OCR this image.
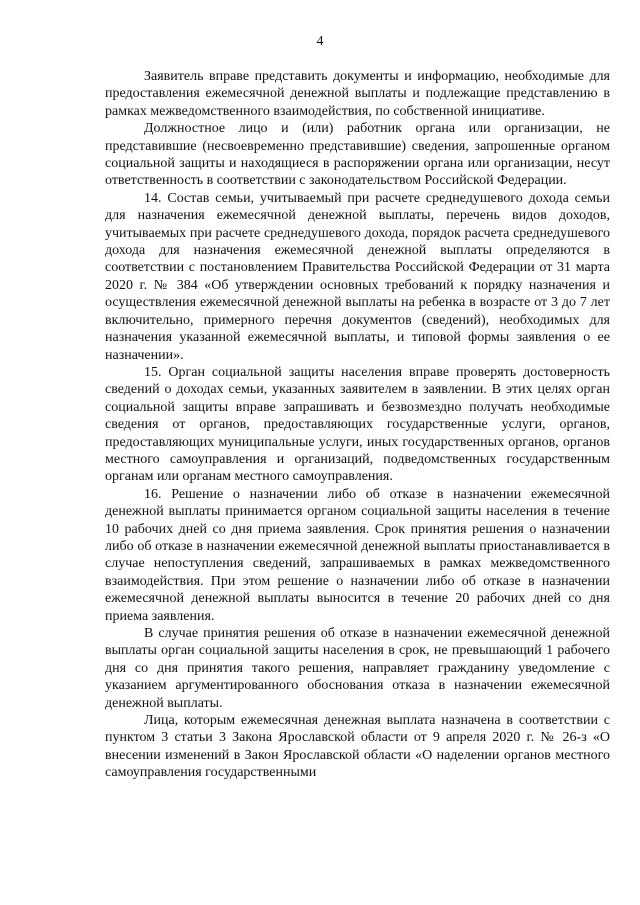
4

Заявитель вправе представить документы и информацию, необходимые для предоставления ежемесячной денежной выплаты и подлежащие представлению в рамках межведомственного взаимодействия, по собственной инициативе.

Должностное лицо и (или) работник органа или организации, не представившие (несвоевременно представившие) сведения, запрошенные органом социальной защиты и находящиеся в распоряжении органа или организации, несут ответственность в соответствии с законодательством Российской Федерации.

14. Состав семьи, учитываемый при расчете среднедушевого дохода семьи для назначения ежемесячной денежной выплаты, перечень видов доходов, учитываемых при расчете среднедушевого дохода, порядок расчета среднедушевого дохода для назначения ежемесячной денежной выплаты определяются в соответствии с постановлением Правительства Российской Федерации от 31 марта 2020 г. № 384 «Об утверждении основных требований к порядку назначения и осуществления ежемесячной денежной выплаты на ребенка в возрасте от 3 до 7 лет включительно, примерного перечня документов (сведений), необходимых для назначения указанной ежемесячной выплаты, и типовой формы заявления о ее назначении».

15. Орган социальной защиты населения вправе проверять достоверность сведений о доходах семьи, указанных заявителем в заявлении. В этих целях орган социальной защиты вправе запрашивать и безвозмездно получать необходимые сведения от органов, предоставляющих государственные услуги, органов, предоставляющих муниципальные услуги, иных государственных органов, органов местного самоуправления и организаций, подведомственных государственным органам или органам местного самоуправления.

16. Решение о назначении либо об отказе в назначении ежемесячной денежной выплаты принимается органом социальной защиты населения в течение 10 рабочих дней со дня приема заявления. Срок принятия решения о назначении либо об отказе в назначении ежемесячной денежной выплаты приостанавливается в случае непоступления сведений, запрашиваемых в рамках межведомственного взаимодействия. При этом решение о назначении либо об отказе в назначении ежемесячной денежной выплаты выносится в течение 20 рабочих дней со дня приема заявления.

В случае принятия решения об отказе в назначении ежемесячной денежной выплаты орган социальной защиты населения в срок, не превышающий 1 рабочего дня со дня принятия такого решения, направляет гражданину уведомление с указанием аргументированного обоснования отказа в назначении ежемесячной денежной выплаты.

Лица, которым ежемесячная денежная выплата назначена в соответствии с пунктом 3 статьи 3 Закона Ярославской области от 9 апреля 2020 г. № 26-з «О внесении изменений в Закон Ярославской области «О наделении органов местного самоуправления государственными
